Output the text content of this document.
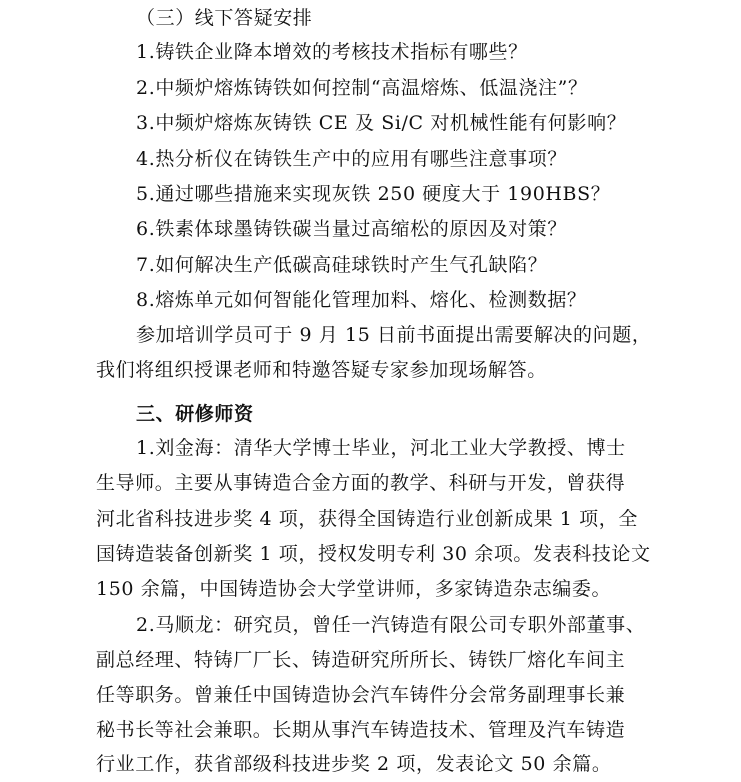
（三）线下答疑安排
1.铸铁企业降本增效的考核技术指标有哪些？
2.中频炉熔炼铸铁如何控制“高温熔炼、低温浇注”？
3.中频炉熔炼灰铸铁 CE 及 Si/C 对机械性能有何影响？
4.热分析仪在铸铁生产中的应用有哪些注意事项？
5.通过哪些措施来实现灰铁 250 硬度大于 190HBS？
6.铁素体球墨铸铁碳当量过高缩松的原因及对策？
7.如何解决生产低碳高硅球铁时产生气孔缺陷？
8.熔炼单元如何智能化管理加料、熔化、检测数据？
参加培训学员可于 9 月 15 日前书面提出需要解决的问题，
我们将组织授课老师和特邀答疑专家参加现场解答。
三、研修师资
1.刘金海：清华大学博士毕业，河北工业大学教授、博士
生导师。主要从事铸造合金方面的教学、科研与开发，曾获得
河北省科技进步奖 4 项，获得全国铸造行业创新成果 1 项，全
国铸造装备创新奖 1 项，授权发明专利 30 余项。发表科技论文
150 余篇，中国铸造协会大学堂讲师，多家铸造杂志编委。
2.马顺龙：研究员，曾任一汽铸造有限公司专职外部董事、
副总经理、特铸厂厂长、铸造研究所所长、铸铁厂熔化车间主
任等职务。曾兼任中国铸造协会汽车铸件分会常务副理事长兼
秘书长等社会兼职。长期从事汽车铸造技术、管理及汽车铸造
行业工作，获省部级科技进步奖 2 项，发表论文 50 余篇。
